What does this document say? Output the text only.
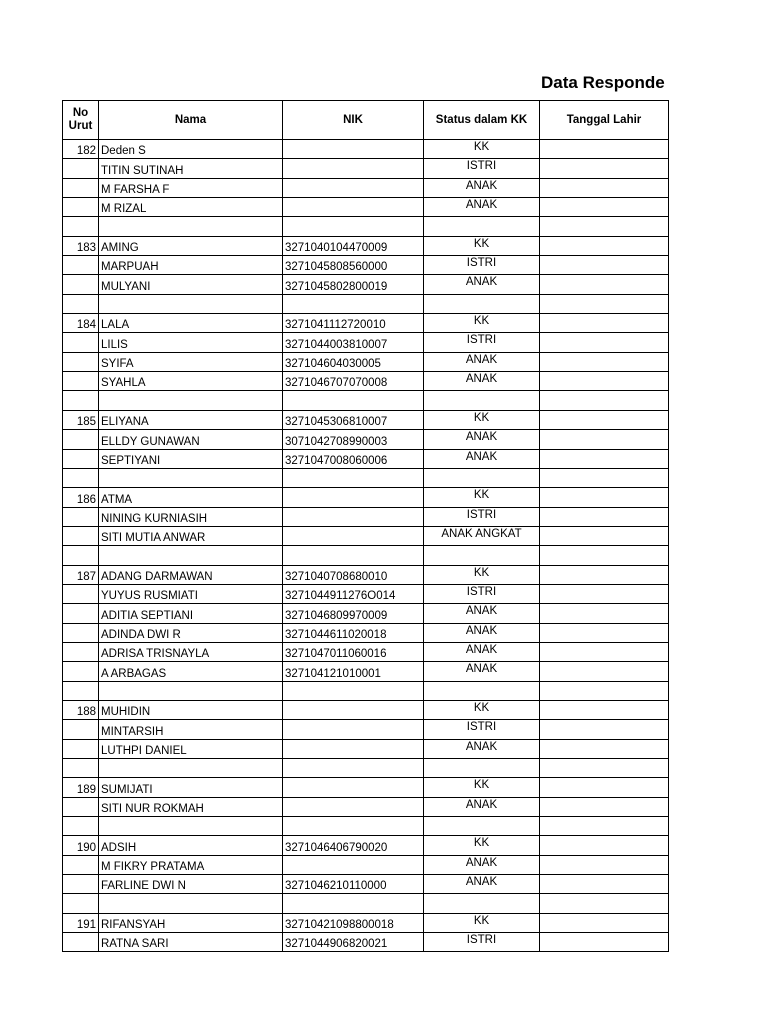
Data Responde
No Urut	Nama	NIK	Status dalam KK	Tanggal Lahir
182	Deden S		KK	
	TITIN SUTINAH		ISTRI	
	M FARSHA F		ANAK	
	M RIZAL		ANAK	

183	AMING	3271040104470009	KK	
	MARPUAH	3271045808560000	ISTRI	
	MULYANI	3271045802800019	ANAK	

184	LALA	3271041112720010	KK	
	LILIS	3271044003810007	ISTRI	
	SYIFA	327104604030005	ANAK	
	SYAHLA	3271046707070008	ANAK	

185	ELIYANA	3271045306810007	KK	
	ELLDY GUNAWAN	3071042708990003	ANAK	
	SEPTIYANI	3271047008060006	ANAK	

186	ATMA		KK	
	NINING KURNIASIH		ISTRI	
	SITI MUTIA ANWAR		ANAK ANGKAT	

187	ADANG DARMAWAN	3271040708680010	KK	
	YUYUS RUSMIATI	3271044911276O014	ISTRI	
	ADITIA SEPTIANI	3271046809970009	ANAK	
	ADINDA DWI R	3271044611020018	ANAK	
	ADRISA TRISNAYLA	3271047011060016	ANAK	
	A ARBAGAS	327104121010001	ANAK	

188	MUHIDIN		KK	
	MINTARSIH		ISTRI	
	LUTHPI DANIEL		ANAK	

189	SUMIJATI		KK	
	SITI NUR ROKMAH		ANAK	

190	ADSIH	3271046406790020	KK	
	M FIKRY PRATAMA		ANAK	
	FARLINE DWI N	3271046210110000	ANAK	

191	RIFANSYAH	32710421098800018	KK	
	RATNA SARI	3271044906820021	ISTRI	
